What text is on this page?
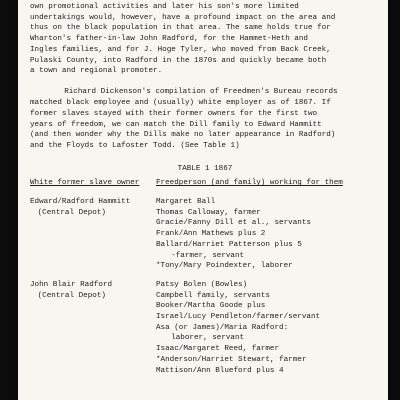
own promotional activities and later his son's more limited
undertakings would, however, have a profound impact on the area and
thus on the black population in that area. The same holds true for
Wharton's father-in-law John Radford, for the Hammet-Heth and
Ingles families, and for J. Hoge Tyler, who moved from Back Creek,
Pulaski County, into Radford in the 1870s and quickly became both
a town and regional promoter.
Richard Dickenson's compilation of Freedmen's Bureau records
matched black employee and (usually) white employer as of 1867. If
former slaves stayed with their former owners for the first two
years of freedom, we can match the Dill family to Edward Hammitt
(and then wonder why the Dills make no later appearance in Radford)
and the Floyds to Lafoster Todd. (See Table 1)
TABLE 1 1867
White former slave owner	Freedperson (and family) working for them
Edward/Radford Hammitt
(Central Depot)
Margaret Ball
Thomas Calloway, farmer
Gracie/Fanny Dill et al., servants
Frank/Ann Mathews plus 2
Ballard/Harriet Patterson plus 5
-farmer, servant
*Tony/Mary Poindexter, laborer
John Blair Radford
(Central Depot)
Patsy Bolen (Bowles)
Campbell family, servants
Booker/Martha Goode plus
Israel/Lucy Pendleton/farmer/servant
Asa (or James)/Maria Radford:
laborer, servant
Isaac/Margaret Reed, farmer
*Anderson/Harriet Stewart, farmer
Mattison/Ann Blueford plus 4
